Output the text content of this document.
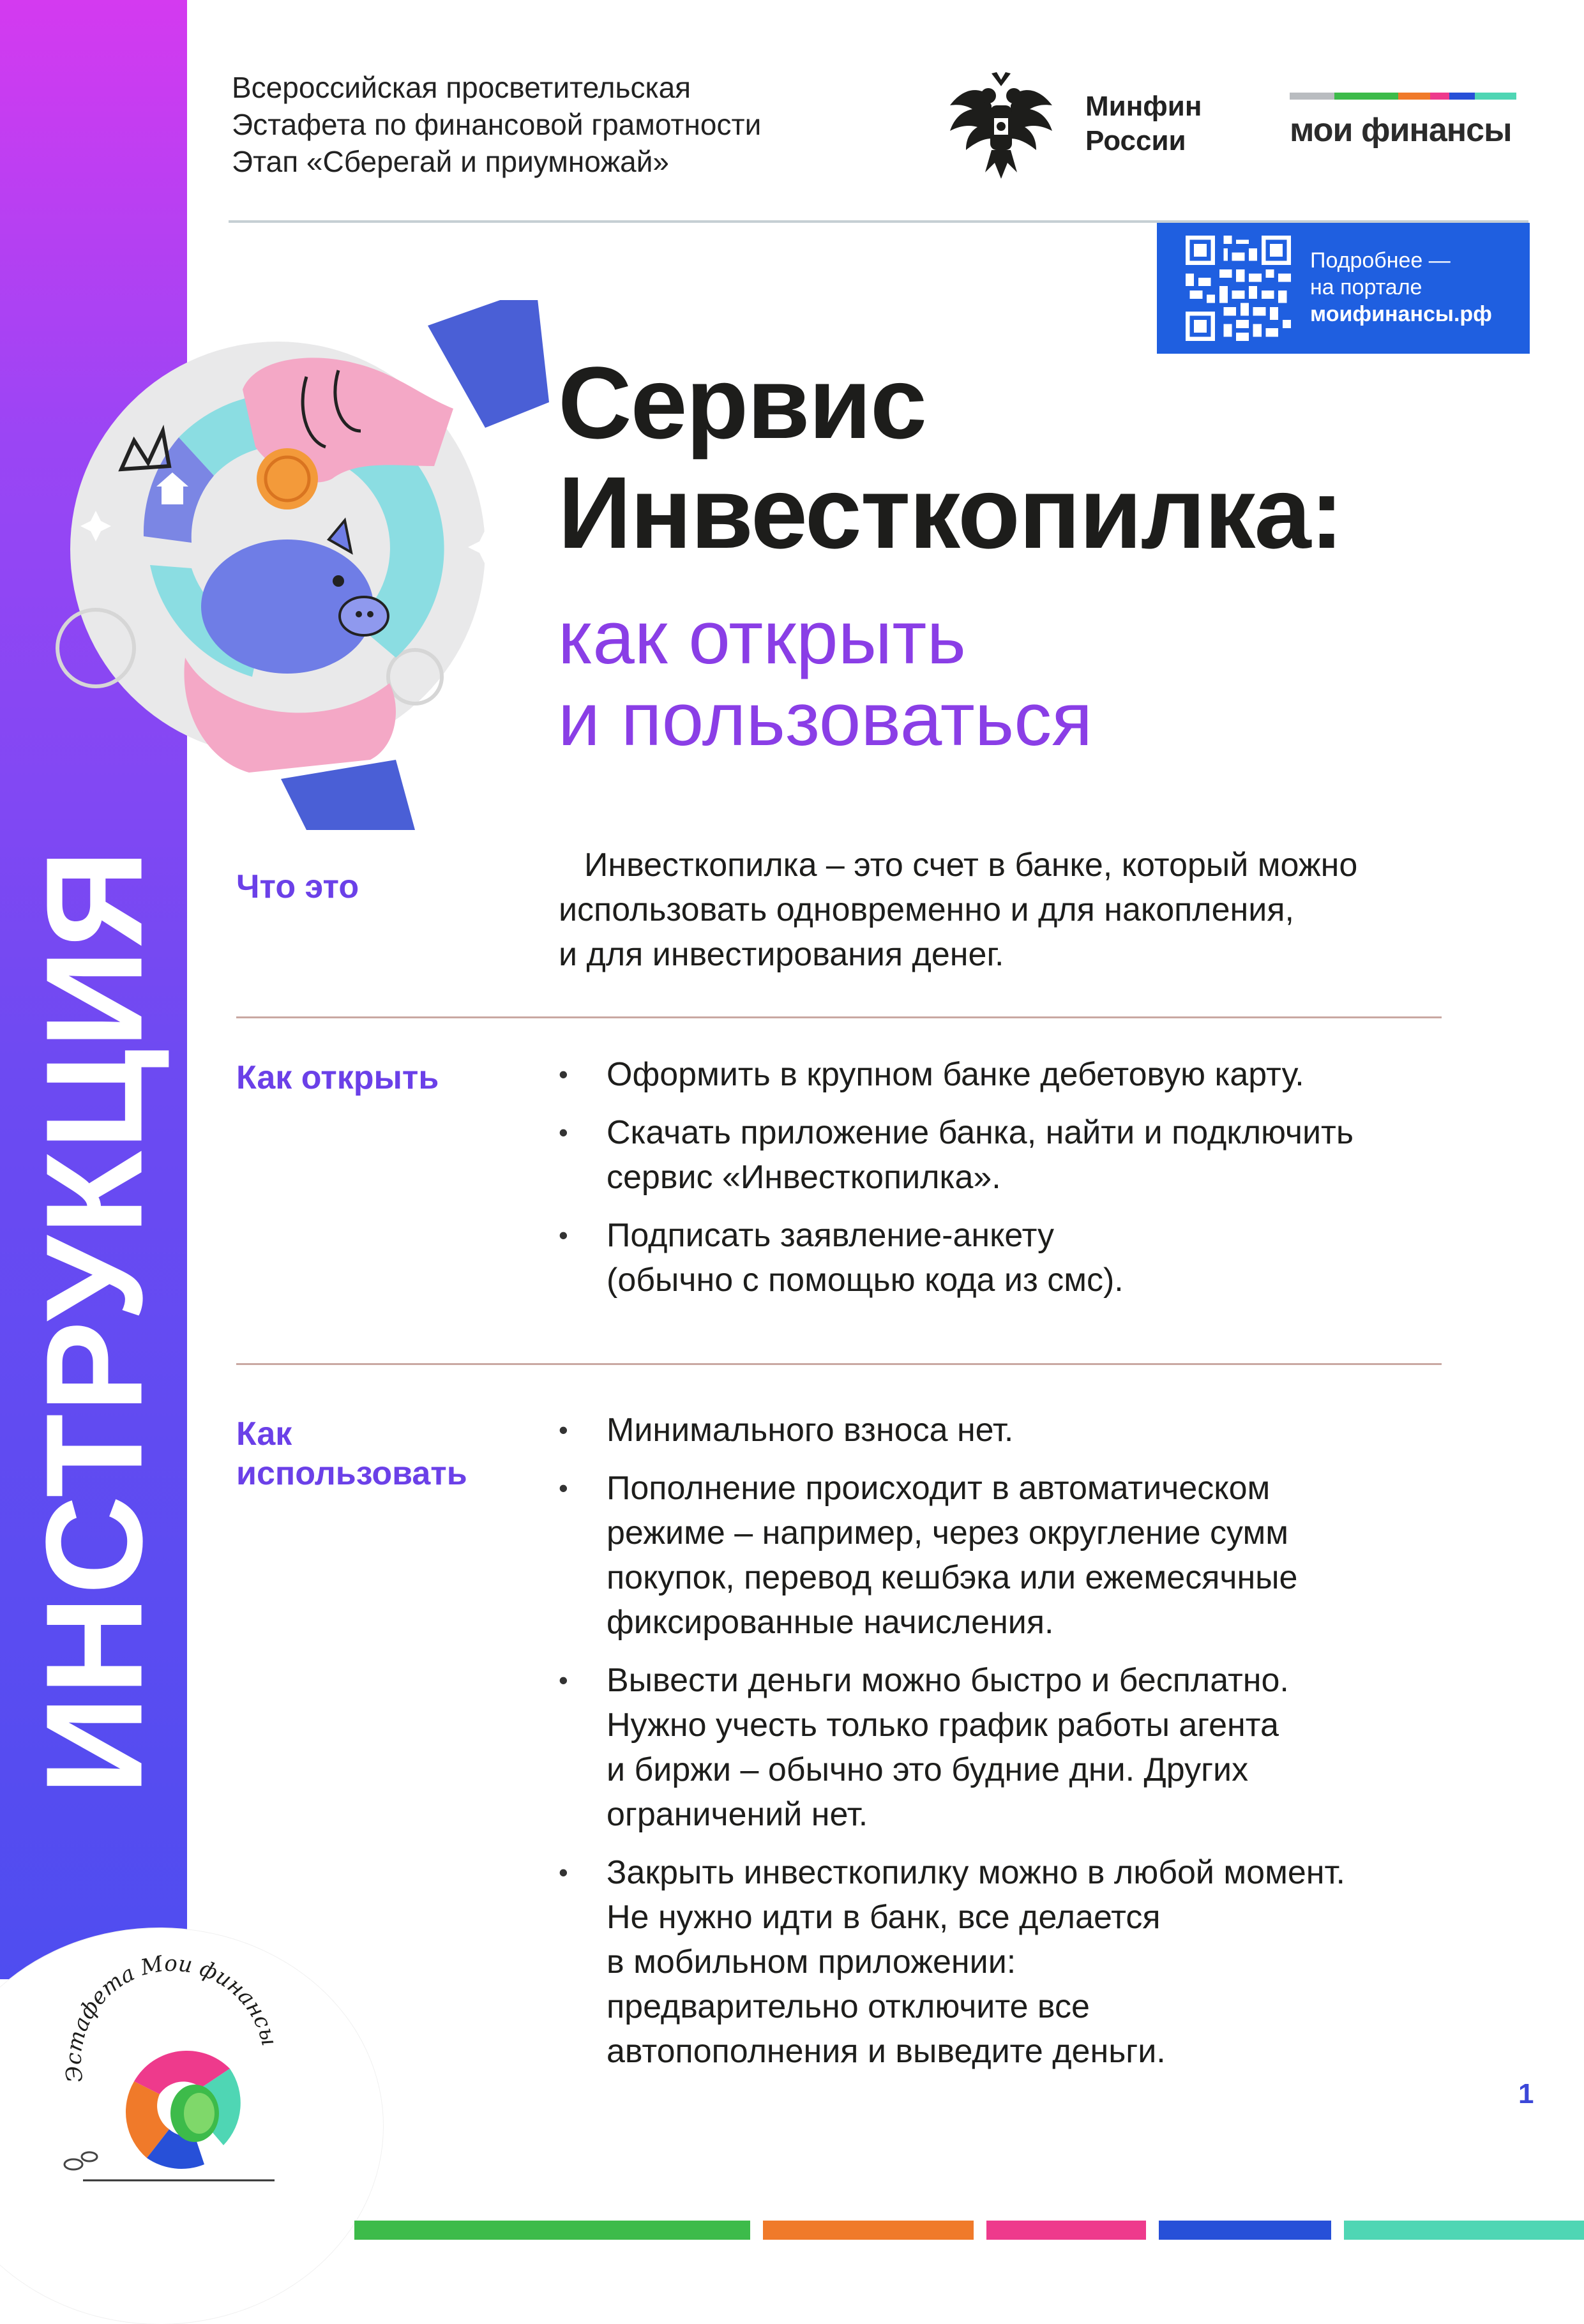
ИНСТРУКЦИЯ
Всероссийская просветительская
Эстафета по финансовой грамотности
Этап «Сберегай и приумножай»
Минфин
России	мои финансы
Подробнее —
на портале
моифинансы.рф
Сервис
Инвесткопилка:
как открыть
и пользоваться
Что это
Инвесткопилка – это счет в банке, который можно
использовать одновременно и для накопления,
и для инвестирования денег.
Как открыть
•	Оформить в крупном банке дебетовую карту.
• Скачать приложение банка, найти и подключить
сервис «Инвесткопилка».
• Подписать заявление-анкету
(обычно с помощью кода из смс).
Как
использовать
• Минимального взноса нет.
• Пополнение происходит в автоматическом
режиме – например, через округление сумм
покупок, перевод кешбэка или ежемесячные
фиксированные начисления.
• Вывести деньги можно быстро и бесплатно.
Нужно учесть только график работы агента
и биржи – обычно это будние дни. Других
ограничений нет.
• Закрыть инвесткопилку можно в любой момент.
Не нужно идти в банк, все делается
в мобильном приложении:
предварительно отключите все
автопополнения и выведите деньги.
Эстафета Мои финансы
1
